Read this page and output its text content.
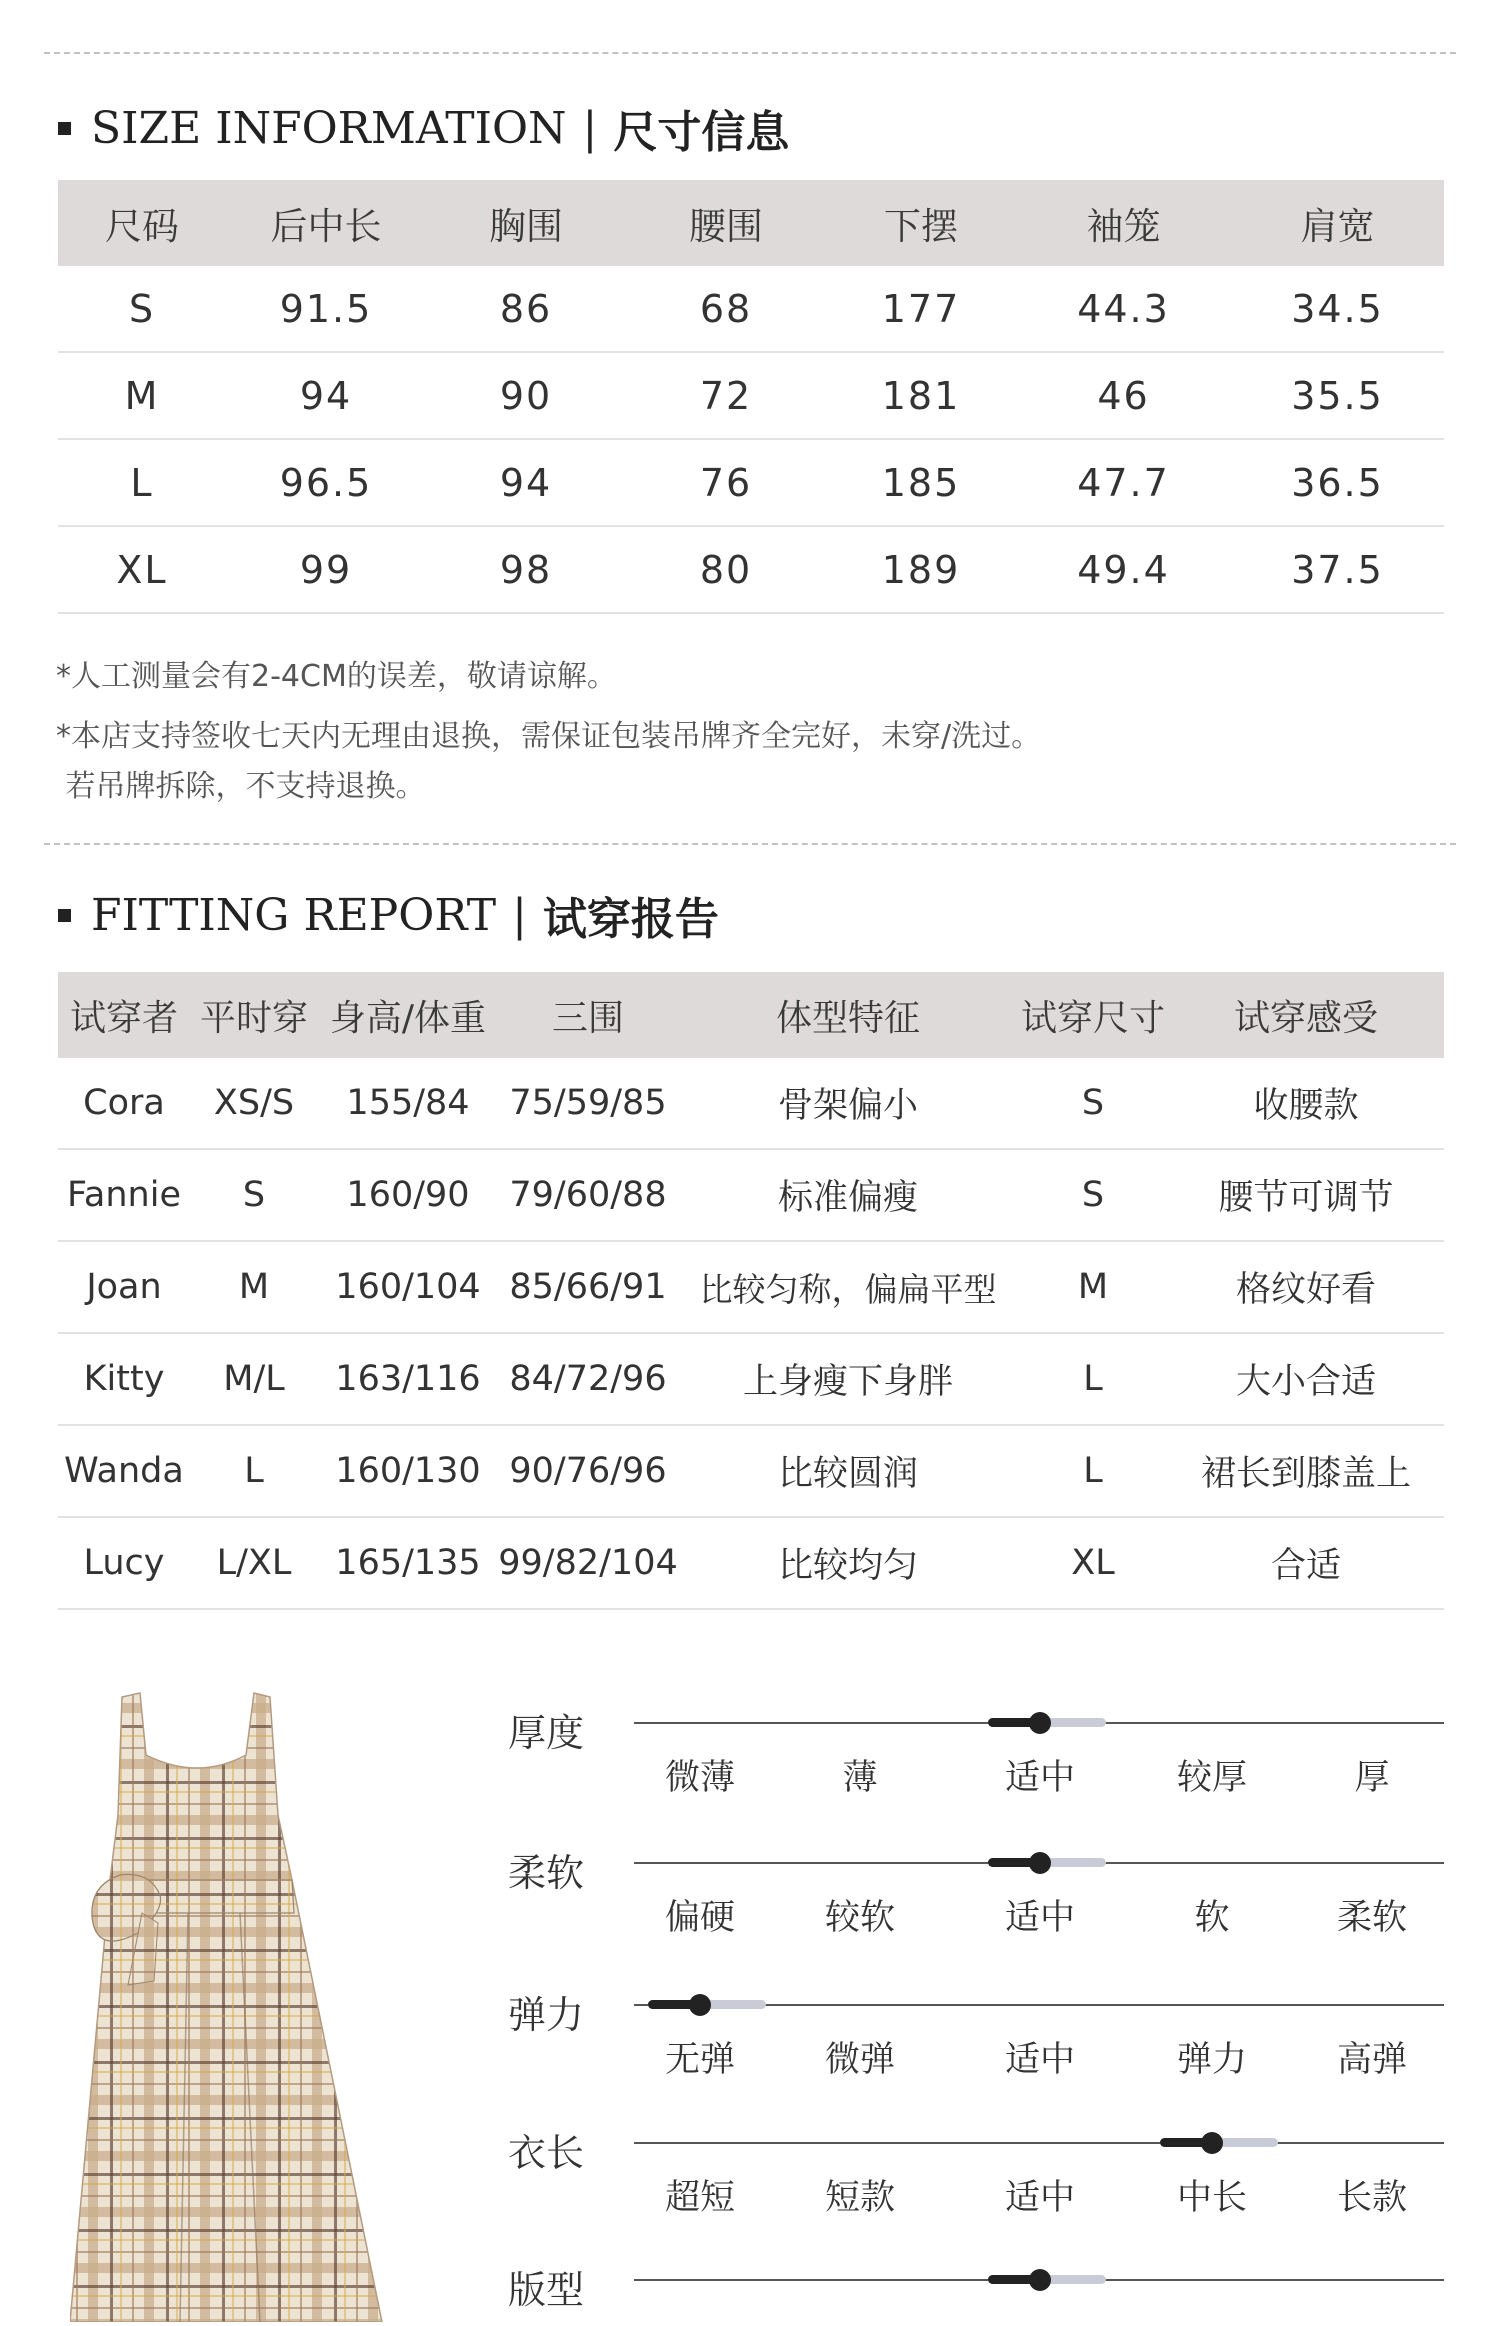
SIZE INFORMATION | 尺寸信息
尺码	后中长	胸围	腰围	下摆	袖笼	肩宽
S	91.5	86	68	177	44.3	34.5
M	94	90	72	181	46	35.5
L	96.5	94	76	185	47.7	36.5
XL	99	98	80	189	49.4	37.5
*人工测量会有2-4CM的误差，敬请谅解。
*本店支持签收七天内无理由退换，需保证包装吊牌齐全完好，未穿/洗过。
若吊牌拆除，不支持退换。
FITTING REPORT | 试穿报告
试穿者	平时穿	身高/体重	三围	体型特征	试穿尺寸	试穿感受
Cora	XS/S	155/84	75/59/85	骨架偏小	S	收腰款
Fannie	S	160/90	79/60/88	标准偏瘦	S	腰节可调节
Joan	M	160/104	85/66/91	比较匀称，偏扁平型	M	格纹好看
Kitty	M/L	163/116	84/72/96	上身瘦下身胖	L	大小合适
Wanda	L	160/130	90/76/96	比较圆润	L	裙长到膝盖上
Lucy	L/XL	165/135	99/82/104	比较均匀	XL	合适
厚度
微薄	薄	适中	较厚	厚
柔软
偏硬	较软	适中	软	柔软
弹力
无弹	微弹	适中	弹力	高弹
衣长
超短	短款	适中	中长	长款
版型
